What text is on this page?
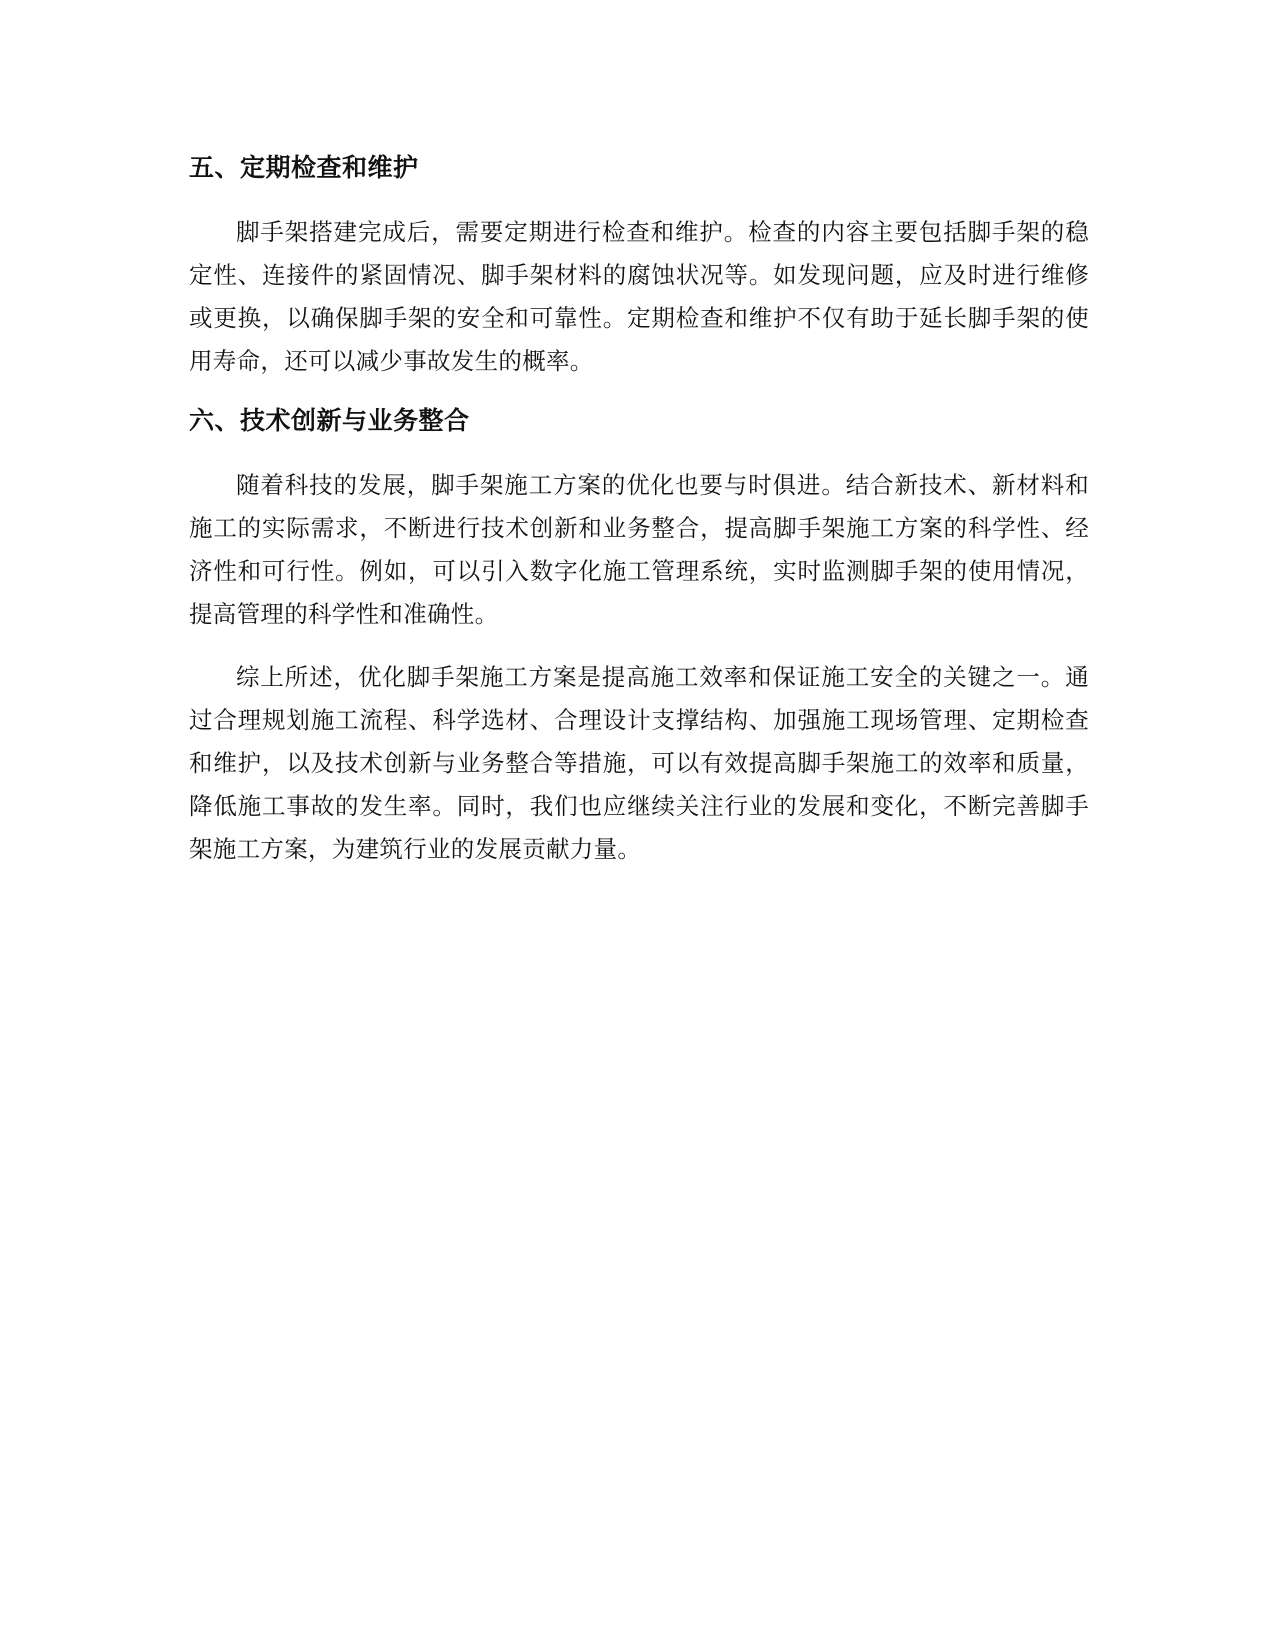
五、定期检查和维护

脚手架搭建完成后，需要定期进行检查和维护。检查的内容主要包括脚手架的稳定性、连接件的紧固情况、脚手架材料的腐蚀状况等。如发现问题，应及时进行维修或更换，以确保脚手架的安全和可靠性。定期检查和维护不仅有助于延长脚手架的使用寿命，还可以减少事故发生的概率。

六、技术创新与业务整合

随着科技的发展，脚手架施工方案的优化也要与时俱进。结合新技术、新材料和施工的实际需求，不断进行技术创新和业务整合，提高脚手架施工方案的科学性、经济性和可行性。例如，可以引入数字化施工管理系统，实时监测脚手架的使用情况，提高管理的科学性和准确性。

综上所述，优化脚手架施工方案是提高施工效率和保证施工安全的关键之一。通过合理规划施工流程、科学选材、合理设计支撑结构、加强施工现场管理、定期检查和维护，以及技术创新与业务整合等措施，可以有效提高脚手架施工的效率和质量，降低施工事故的发生率。同时，我们也应继续关注行业的发展和变化，不断完善脚手架施工方案，为建筑行业的发展贡献力量。
